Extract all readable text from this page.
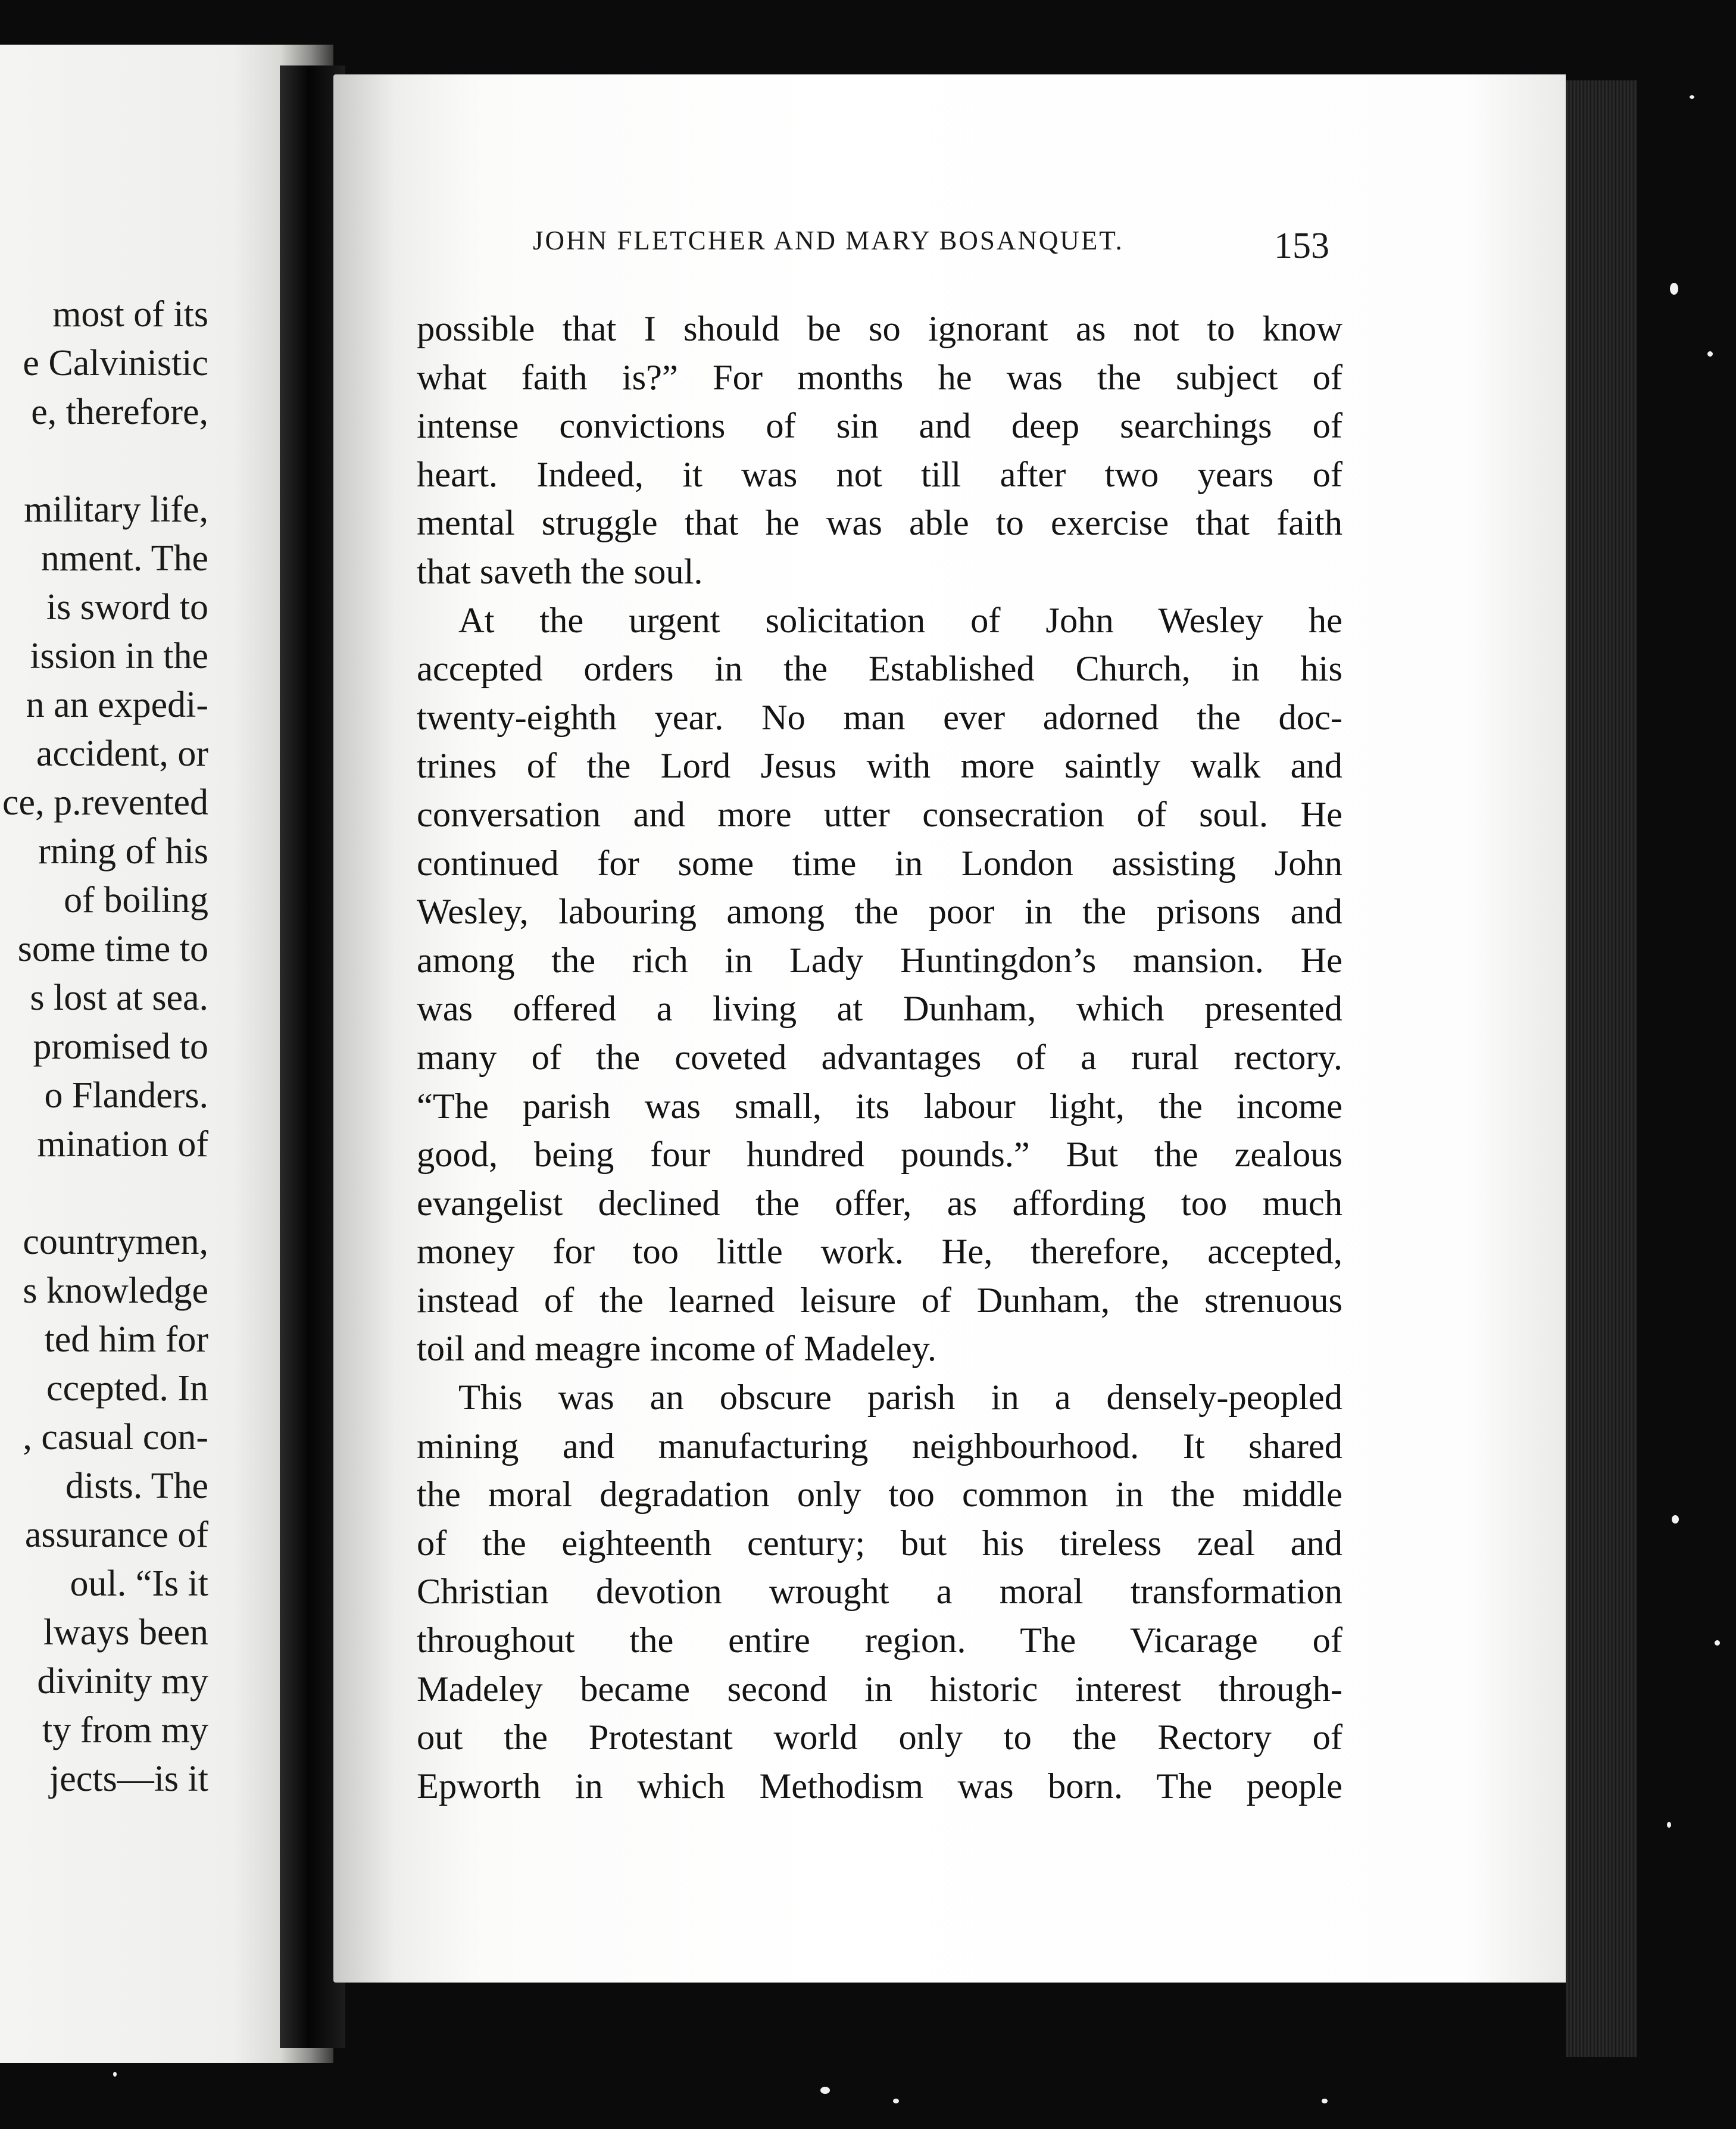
most of its
e Calvinistic
e, therefore,
military life,
nment. The
is sword to
ission in the
n an expedi-
accident, or
ce, p.revented
rning of his
of boiling
some time to
s lost at sea.
promised to
o Flanders.
mination of
countrymen,
s knowledge
ted him for
ccepted. In
, casual con-
dists. The
assurance of
oul. “Is it
lways been
divinity my
ty from my
jects—is it
JOHN FLETCHER AND MARY BOSANQUET.	153
possible that I should be so ignorant as not to know
what faith is?” For months he was the subject of
intense convictions of sin and deep searchings of
heart. Indeed, it was not till after two years of
mental struggle that he was able to exercise that faith
that saveth the soul.
At the urgent solicitation of John Wesley he
accepted orders in the Established Church, in his
twenty-eighth year. No man ever adorned the doc-
trines of the Lord Jesus with more saintly walk and
conversation and more utter consecration of soul. He
continued for some time in London assisting John
Wesley, labouring among the poor in the prisons and
among the rich in Lady Huntingdon’s mansion. He
was offered a living at Dunham, which presented
many of the coveted advantages of a rural rectory.
“The parish was small, its labour light, the income
good, being four hundred pounds.” But the zealous
evangelist declined the offer, as affording too much
money for too little work. He, therefore, accepted,
instead of the learned leisure of Dunham, the strenuous
toil and meagre income of Madeley.
This was an obscure parish in a densely-peopled
mining and manufacturing neighbourhood. It shared
the moral degradation only too common in the middle
of the eighteenth century; but his tireless zeal and
Christian devotion wrought a moral transformation
throughout the entire region. The Vicarage of
Madeley became second in historic interest through-
out the Protestant world only to the Rectory of
Epworth in which Methodism was born. The people
